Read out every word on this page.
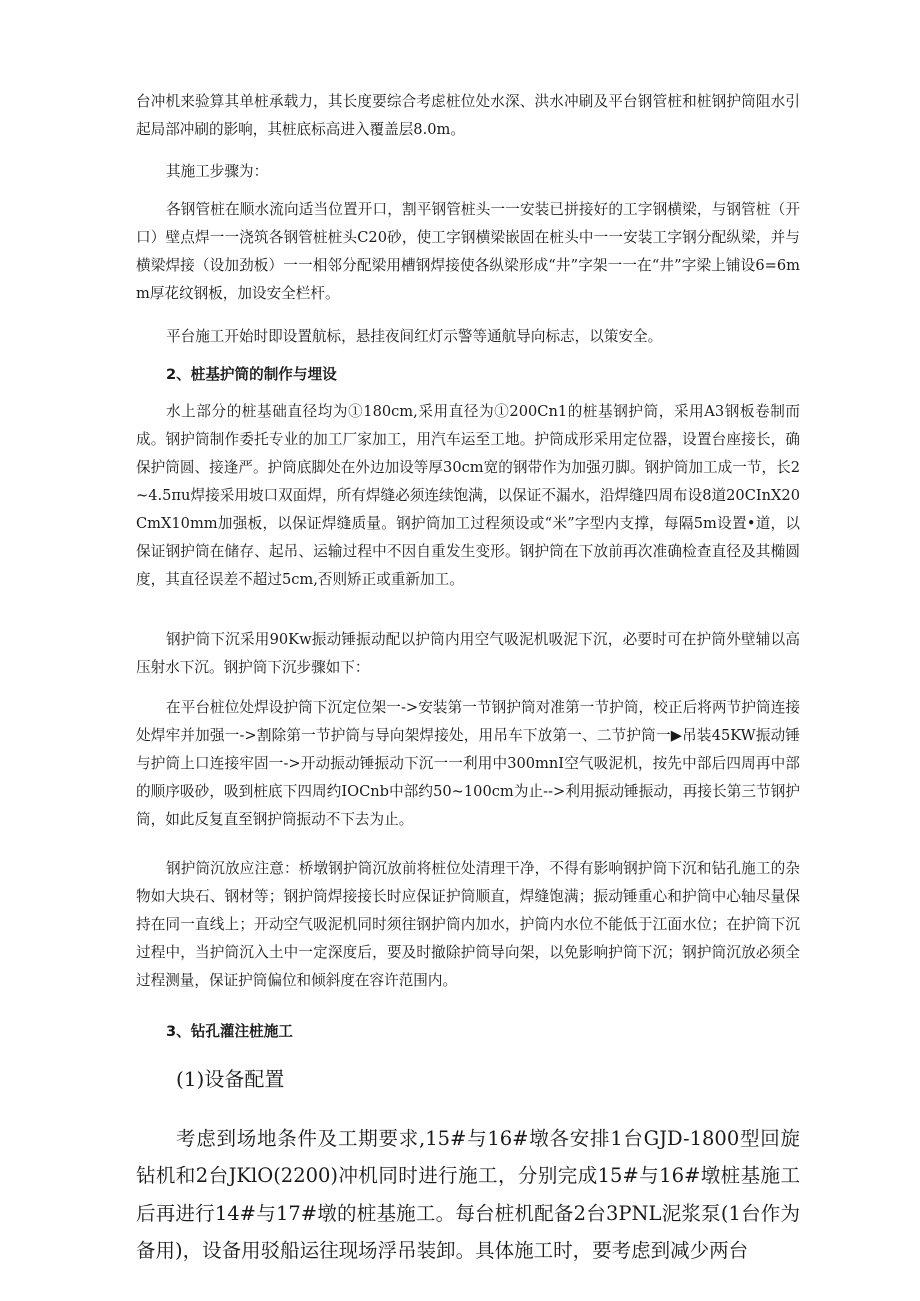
台冲机来验算其单桩承载力，其长度要综合考虑桩位处水深、洪水冲刷及平台钢管桩和桩钢护筒阻水引起局部冲刷的影响，其桩底标高进入覆盖层8.0m。

其施工步骤为：

各钢管桩在顺水流向适当位置开口，割平钢管桩头一一安装已拼接好的工字钢横梁，与钢管桩（开口）壁点焊一一浇筑各钢管桩桩头C20砂，使工字钢横梁嵌固在桩头中一一安装工字钢分配纵梁，并与横梁焊接（设加劲板）一一相邻分配梁用槽钢焊接使各纵梁形成“井”字架一一在“井”字梁上铺设6=6mm厚花纹钢板，加设安全栏杆。

平台施工开始时即设置航标，悬挂夜间红灯示警等通航导向标志，以策安全。

2、桩基护筒的制作与埋设

水上部分的桩基础直径均为①180cm,采用直径为①200Cn1的桩基钢护筒，采用A3钢板卷制而成。钢护筒制作委托专业的加工厂家加工，用汽车运至工地。护筒成形采用定位器，设置台座接长，确保护筒圆、接逢严。护筒底脚处在外边加设等厚30cm宽的钢带作为加强刃脚。钢护筒加工成一节，长2~4.5πu焊接采用坡口双面焊，所有焊缝必须连续饱满，以保证不漏水，沿焊缝四周布设8道20CInX20CmX10mm加强板，以保证焊缝质量。钢护筒加工过程须设或“米”字型内支撑，每隔5m设置•道，以保证钢护筒在储存、起吊、运输过程中不因自重发生变形。钢护筒在下放前再次准确检查直径及其椭圆度，其直径误差不超过5cm,否则矫正或重新加工。

钢护筒下沉采用90Kw振动锤振动配以护筒内用空气吸泥机吸泥下沉，必要时可在护筒外壁辅以高压射水下沉。钢护筒下沉步骤如下：

在平台桩位处焊设护筒下沉定位架一->安装第一节钢护筒对准第一节护筒，校正后将两节护筒连接处焊牢并加强一->割除第一节护筒与导向架焊接处，用吊车下放第一、二节护筒一▶吊装45KW振动锤与护筒上口连接牢固一->开动振动锤振动下沉一一利用中300mnI空气吸泥机，按先中部后四周再中部的顺序吸砂，吸到桩底下四周约IOCnb中部约50~100cm为止-->利用振动锤振动，再接长第三节钢护筒，如此反复直至钢护筒振动不下去为止。

钢护筒沉放应注意：桥墩钢护筒沉放前将桩位处清理干净，不得有影响钢护筒下沉和钻孔施工的杂物如大块石、钢材等；钢护筒焊接接长时应保证护筒顺直，焊缝饱满；振动锤重心和护筒中心轴尽量保持在同一直线上；开动空气吸泥机同时须往钢护筒内加水，护筒内水位不能低于江面水位；在护筒下沉过程中，当护筒沉入土中一定深度后，要及时撤除护筒导向架，以免影响护筒下沉；钢护筒沉放必须全过程测量，保证护筒偏位和倾斜度在容许范围内。

3、钻孔灌注桩施工

(1)设备配置

考虑到场地条件及工期要求,15#与16#墩各安排1台GJD-1800型回旋钻机和2台JKlO(2200)冲机同时进行施工，分别完成15#与16#墩桩基施工后再进行14#与17#墩的桩基施工。每台桩机配备2台3PNL泥浆泵(1台作为备用)，设备用驳船运往现场浮吊装卸。具体施工时，要考虑到减少两台
